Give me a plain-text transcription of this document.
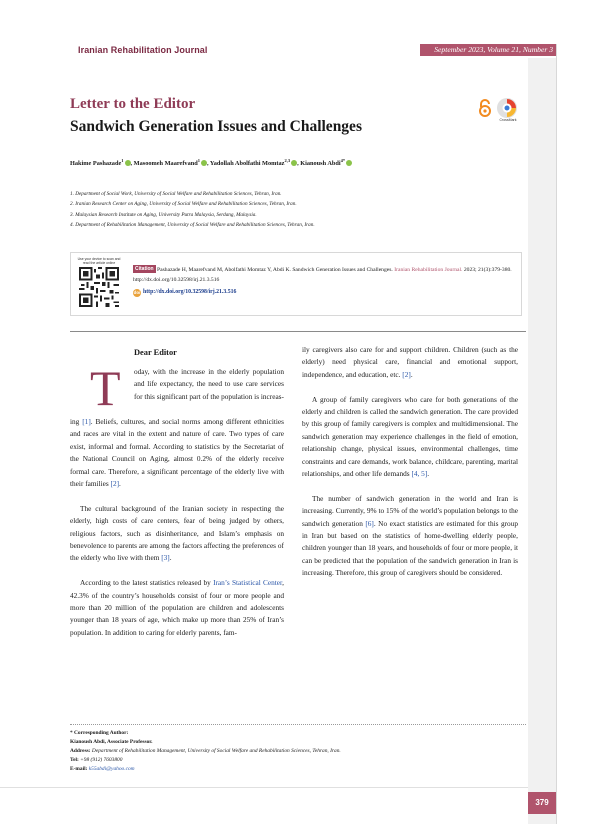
Iranian Rehabilitation Journal	September 2023, Volume 21, Number 3
Letter to the Editor
Sandwich Generation Issues and Challenges	CrossMark
Hakime Pashazade$^1$ , Masoomeh Maarefvand$^1$ , Yadollah Abolfathi Momtaz$^{2,3}$ , Kianoush Abdi$^{4*}$
1. Department of Social Work, University of Social Welfare and Rehabilitation Sciences, Tehran, Iran.
2. Iranian Research Center on Aging, University of Social Welfare and Rehabilitation Sciences, Tehran, Iran.
3. Malaysian Research Institute on Aging, University Putra Malaysia, Serdang, Malaysia.
4. Department of Rehabilitation Management, University of Social Welfare and Rehabilitation Sciences, Tehran, Iran.
Use your device to scan and read the article online
Citation Pashazade H, Maarefvand M, Abolfathi Momtaz Y, Abdi K. Sandwich Generation Issues and Challenges. Iranian Rehabilitation Journal. 2023; 21(3):379-380. http://dx.doi.org/10.32598/irj.21.3.516
doi http://dx.doi.org/10.32598/irj.21.3.516
Dear Editor
T oday, with the increase in the elderly population and life expectancy, the need to use care services for this significant part of the population is increas-

ing [1]. Beliefs, cultures, and social norms among different ethnicities and races are vital in the extent and nature of care. Two types of care exist, informal and formal. According to statistics by the Secretariat of the National Council on Aging, almost 0.2% of the elderly receive formal care. Therefore, a significant percentage of the elderly live with their families [2].

The cultural background of the Iranian society in respecting the elderly, high costs of care centers, fear of being judged by others, religious factors, such as disinheritance, and Islam’s emphasis on benevolence to parents are among the factors affecting the preferences of the elderly who live with them [3].

According to the latest statistics released by Iran’s Statistical Center, 42.3% of the country’s households consist of four or more people and more than 20 million of the population are children and adolescents younger than 18 years of age, which make up more than 25% of Iran’s population. In addition to caring for elderly parents, fam-

ily caregivers also care for and support children. Children (such as the elderly) need physical care, financial and emotional support, independence, and education, etc. [2].

A group of family caregivers who care for both generations of the elderly and children is called the sandwich generation. The care provided by this group of family caregivers is complex and multidimensional. The sandwich generation may experience challenges in the field of emotion, relationship change, physical issues, environmental challenges, time constraints and care demands, work balance, childcare, parenting, marital relationships, and other life demands [4, 5].

The number of sandwich generation in the world and Iran is increasing. Currently, 9% to 15% of the world’s population belongs to the sandwich generation [6]. No exact statistics are estimated for this group in Iran but based on the statistics of home-dwelling elderly people, children younger than 18 years, and households of four or more people, it can be predicted that the population of the sandwich generation in Iran is increasing. Therefore, this group of caregivers should be considered.

* Corresponding Author:
Kianoush Abdi, Associate Professor.
Address: Department of Rehabilitation Management, University of Social Welfare and Rehabilitation Sciences, Tehran, Iran.
Tel: +98 (912) 7603800
E-mail: k55abdi@yahoo.com
379
